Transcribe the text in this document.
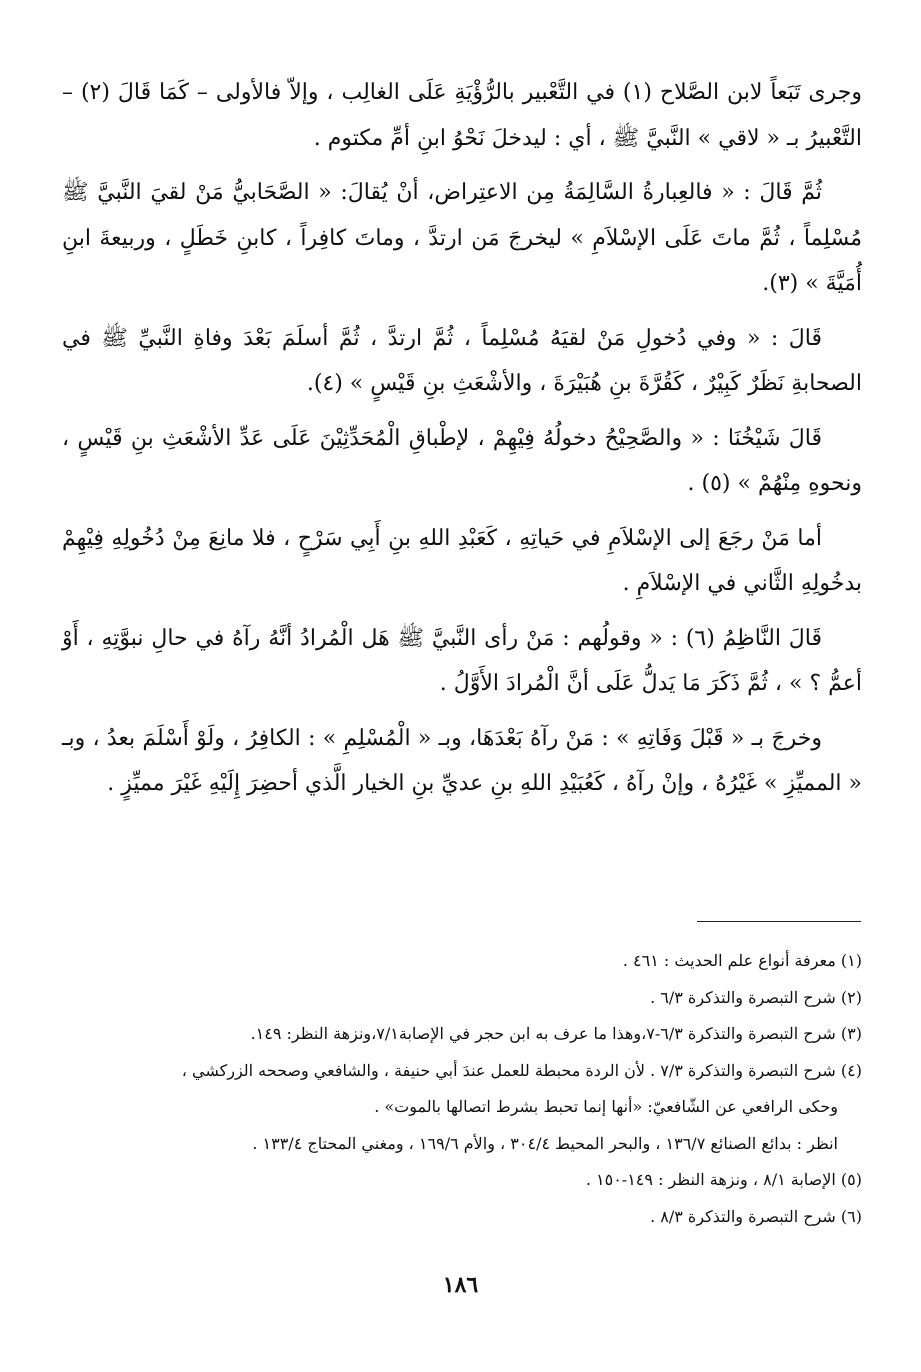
وجرى تَبَعاً لابن الصَّلاح (١) في التَّعْبير بالرُّؤْيَةِ عَلَى الغالِب ، وإلاّ فالأولى – كَمَا قَالَ (٢) – التَّعْبيرُ بـ « لاقي » النَّبيَّ ﷺ ، أي : ليدخلَ نَحْوُ ابنِ أمِّ مكتوم .

ثُمَّ قَالَ : « فالعِبارةُ السَّالِمَةُ مِن الاعتِراض، أنْ يُقالَ: « الصَّحَابيُّ مَنْ لقيَ النَّبيَّ ﷺ مُسْلِماً ، ثُمَّ ماتَ عَلَى الإسْلاَمِ » ليخرجَ مَن ارتدَّ ، وماتَ كافِراً ، كابنِ خَطَلٍ ، وربيعةَ ابنِ أُمَيَّةَ » (٣).

قَالَ : « وفي دُخولِ مَنْ لقيَهُ مُسْلِماً ، ثُمَّ ارتدَّ ، ثُمَّ أسلَمَ بَعْدَ وفاةِ النَّبيِّ ﷺ في الصحابةِ نَظَرٌ كَبِيْرٌ ، كَقُرَّةَ بنِ هُبَيْرَةَ ، والأشْعَثِ بنِ قَيْسٍ » (٤).

قَالَ شَيْخُنَا : « والصَّحِيْحُ دخولُهُ فِيْهِمْ ، لإطْباقِ الْمُحَدِّثِيْنَ عَلَى عَدِّ الأشْعَثِ بنِ قَيْسٍ ، ونحوهِ مِنْهُمْ » (٥) .

أما مَنْ رجَعَ إلى الإسْلاَمِ في حَياتِهِ ، كَعَبْدِ اللهِ بنِ أَبِي سَرْحٍ ، فلا مانِعَ مِنْ دُخُولِهِ فِيْهِمْ بدخُولِهِ الثَّاني في الإسْلاَمِ .

قَالَ النَّاظِمُ (٦) : « وقولُهم : مَنْ رأى النَّبيَّ ﷺ هَل الْمُرادُ أنَّهُ رآهُ في حالِ نبوَّتِهِ ، أَوْ أعمُّ ؟ » ، ثُمَّ ذَكَرَ مَا يَدلُّ عَلَى أنَّ الْمُرادَ الأَوَّلُ .

وخرجَ بـ « قَبْلَ وَفَاتِهِ » : مَنْ رآهُ بَعْدَهَا، وبـ « الْمُسْلِمِ » : الكافِرُ ، ولَوْ أَسْلَمَ بعدُ ، وبـ « المميِّزِ » غَيْرُهُ ، وإنْ رآهُ ، كَعُبَيْدِ اللهِ بنِ عديِّ بنِ الخيار الَّذي أحضِرَ إِلَيْهِ غَيْرَ مميِّزٍ .

(١) معرفة أنواع علم الحديث : ٤٦١ .

(٢) شرح التبصرة والتذكرة ٦/٣ .

(٣) شرح التبصرة والتذكرة ٦/٣-٧،وهذا ما عرف به ابن حجر في الإصابة٧/١،ونزهة النظر: ١٤٩.

(٤) شرح التبصرة والتذكرة ٧/٣ . لأن الردة محبطة للعمل عندَ أبي حنيفة ، والشافعي وصححه الزركشي ،

وحكى الرافعي عن الشّافعيّ: «أنها إنما تحبط بشرط اتصالها بالموت» .

انظر : بدائع الصنائع ١٣٦/٧ ، والبحر المحيط ٣٠٤/٤ ، والأم ١٦٩/٦ ، ومغني المحتاج ١٣٣/٤ .

(٥) الإصابة ٨/١ ، ونزهة النظر : ١٤٩-١٥٠ .

(٦) شرح التبصرة والتذكرة ٨/٣ .

١٨٦
